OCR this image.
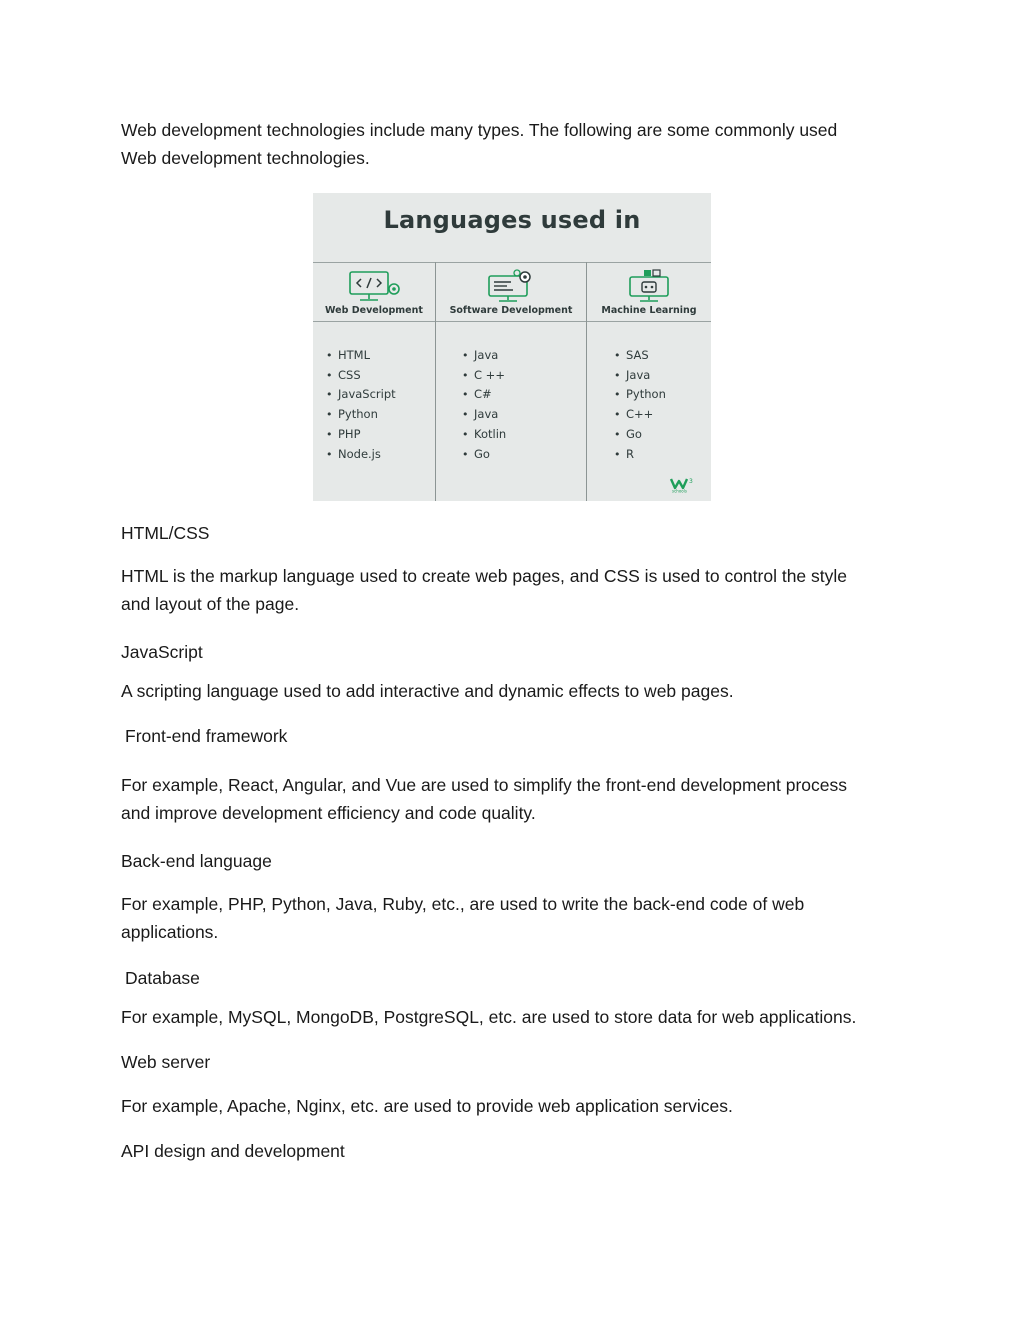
Web development technologies include many types. The following are some commonly used
Web development technologies.
Languages used in
Web Development
• HTML
• CSS
• JavaScript
• Python
• PHP
• Node.js
Software Development
• Java
• C ++
• C#
• Java
• Kotlin
• Go
Machine Learning
• SAS
• Java
• Python
• C++
• Go
• R
3
schools
HTML/CSS
HTML is the markup language used to create web pages, and CSS is used to control the style
and layout of the page.
JavaScript
A scripting language used to add interactive and dynamic effects to web pages.
Front-end framework
For example, React, Angular, and Vue are used to simplify the front-end development process
and improve development efficiency and code quality.
Back-end language
For example, PHP, Python, Java, Ruby, etc., are used to write the back-end code of web
applications.
Database
For example, MySQL, MongoDB, PostgreSQL, etc. are used to store data for web applications.
Web server
For example, Apache, Nginx, etc. are used to provide web application services.
API design and development
